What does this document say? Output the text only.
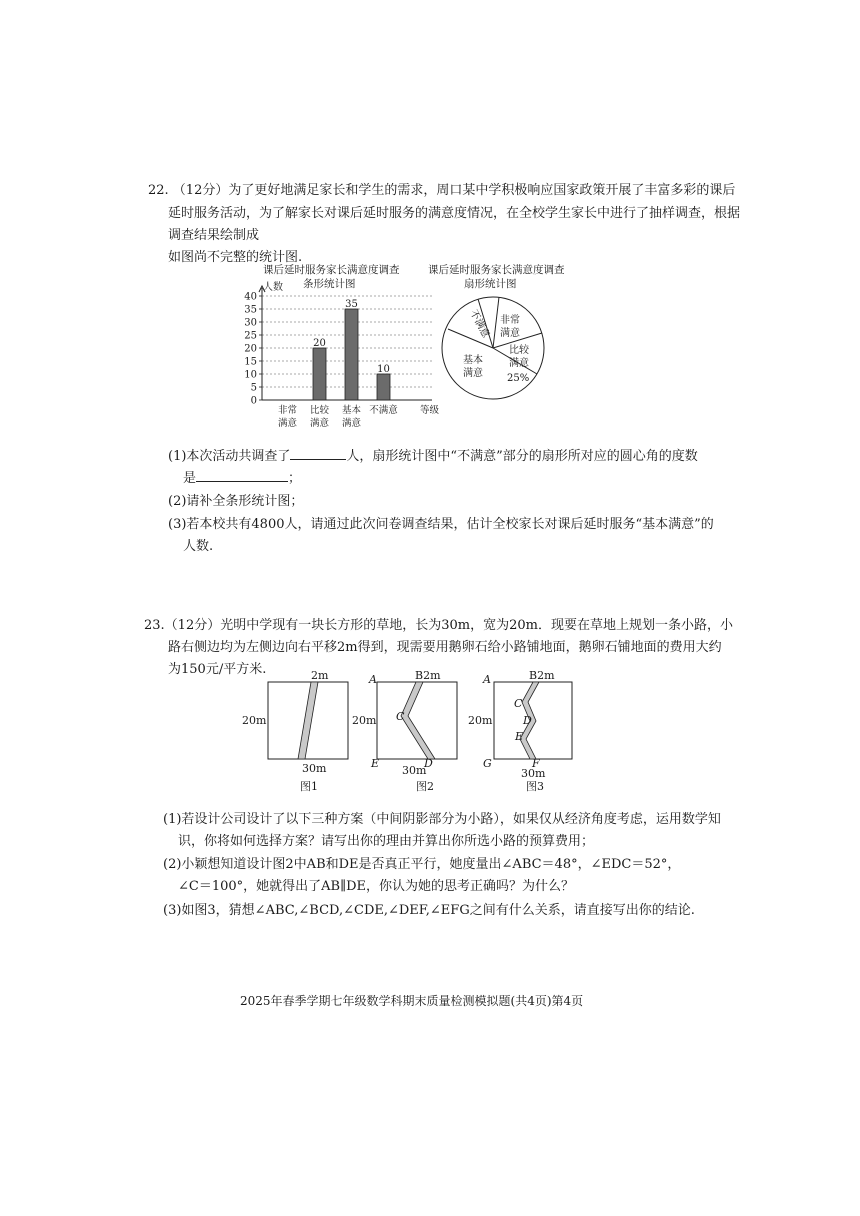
22. （12分）为了更好地满足家长和学生的需求，周口某中学积极响应国家政策开展了丰富多彩的课后
延时服务活动，为了解家长对课后延时服务的满意度情况，在全校学生家长中进行了抽样调查，根据
调查结果绘制成
如图尚不完整的统计图.
课后延时服务家长满意度调查
条形统计图
0
5
10
15
20
25
30
35
40
人数
非常
满意
20
比较
满意
35
基本
满意
10
不满意 等级
课后延时服务家长满意度调查
扇形统计图
不满意 非常
满意
比较
满意
25%
基本
满意
(1)本次活动共调查了	人，扇形统计图中“不满意”部分的扇形所对应的圆心角的度数
是	；
(2)请补全条形统计图；
(3)若本校共有4800人，请通过此次问卷调查结果，估计全校家长对课后延时服务“基本满意”的
人数.
23.（12分）光明中学现有一块长方形的草地，长为30m，宽为20m．现要在草地上规划一条小路，小
路右侧边均为左侧边向右平移2m得到，现需要用鹅卵石给小路铺地面，鹅卵石铺地面的费用大约
为150元/平方米.	2m
20m
30m
图1
A	B2m
20m C
E	D
30m
图2
A	B2m
20m
C
D
E
G	F
30m
图3
(1)若设计公司设计了以下三种方案（中间阴影部分为小路），如果仅从经济角度考虑，运用数学知
识，你将如何选择方案？请写出你的理由并算出你所选小路的预算费用；
(2)小颖想知道设计图2中AB和DE是否真正平行，她度量出∠ABC＝48°，∠EDC＝52°，
∠C＝100°，她就得出了AB∥DE，你认为她的思考正确吗？为什么？
(3)如图3，猜想∠ABC,∠BCD,∠CDE,∠DEF,∠EFG之间有什么关系，请直接写出你的结论.
2025年春季学期七年级数学科期末质量检测模拟题(共4页)第4页
